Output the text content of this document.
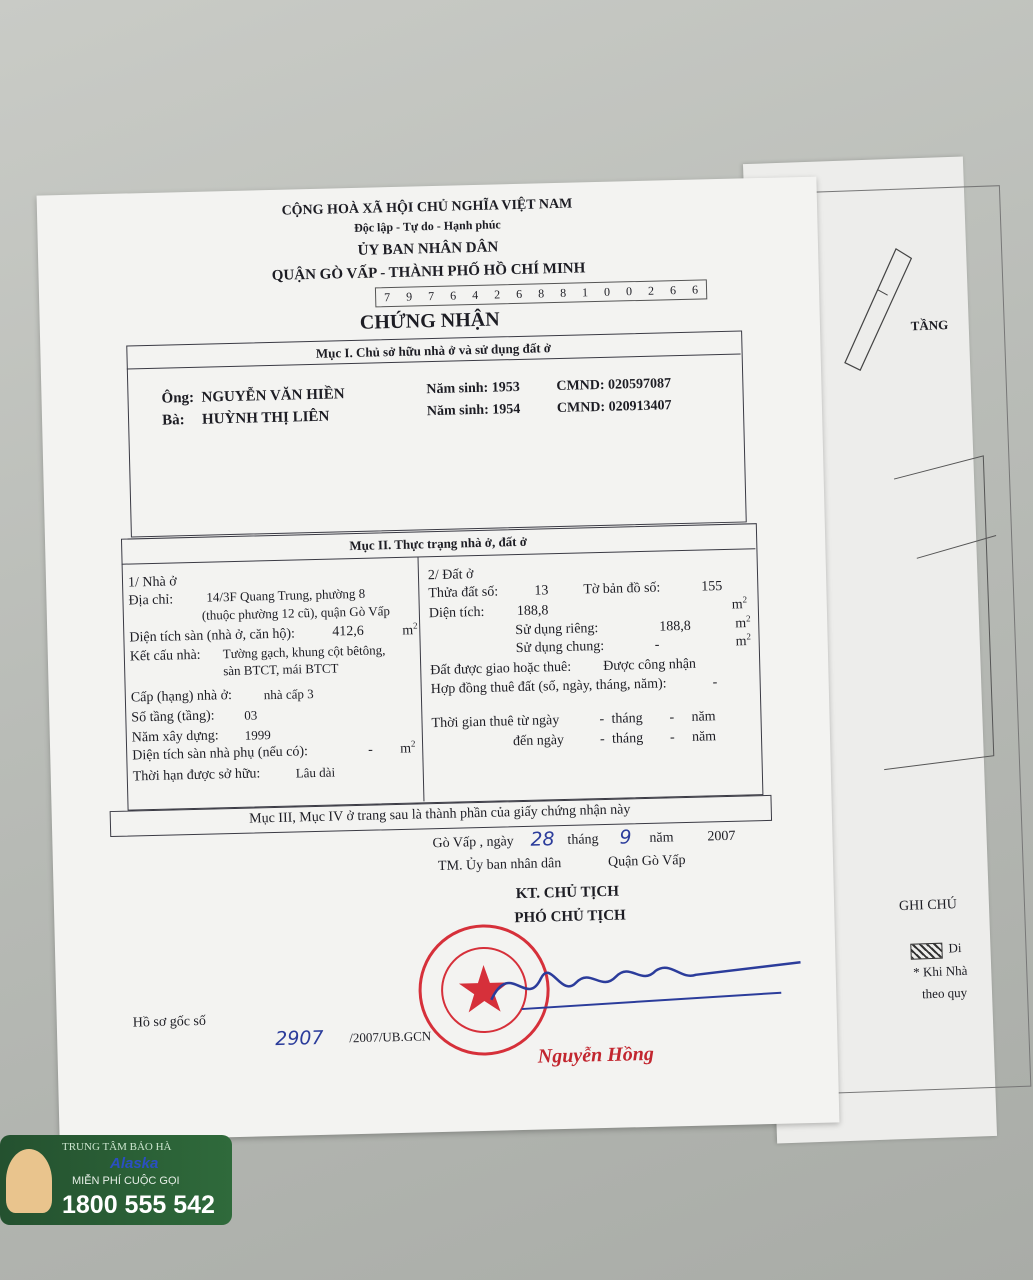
TẦNG
GHI CHÚ
Di
* Khi Nhà
theo quy
CỘNG HOÀ XÃ HỘI CHỦ NGHĨA VIỆT NAM
Độc lập - Tự do - Hạnh phúc
ỦY BAN NHÂN DÂN
QUẬN GÒ VẤP - THÀNH PHỐ HỒ CHÍ MINH
7	9	7	6	4	2	6	8	8	1	0	0	2	6	6
CHỨNG NHẬN
Mục I. Chủ sở hữu nhà ở và sử dụng đất ở
Ông: NGUYỄN VĂN HIỀN	Năm sinh: 1953	CMND: 020597087
Bà: HUỲNH THỊ LIÊN	Năm sinh: 1954	CMND: 020913407
Mục II. Thực trạng nhà ở, đất ở
1/ Nhà ở
Địa chỉ:	14/3F Quang Trung, phường 8
(thuộc phường 12 cũ), quận Gò Vấp
Diện tích sàn (nhà ở, căn hộ):	412,6	$m^2$
Kết cấu nhà: Tường gạch, khung cột bêtông,
sàn BTCT, mái BTCT
Cấp (hạng) nhà ở: nhà cấp 3
Số tầng (tầng): 03
Năm xây dựng: 1999
Diện tích sàn nhà phụ (nếu có):	- $m^2$
Thời hạn được sở hữu:	Lâu dài
2/ Đất ở
Thửa đất số:	13 Tờ bản đồ số:	155
Diện tích: 188,8	$m^2$
Sử dụng riêng:	188,8	$m^2$
Sử dụng chung:	-	$m^2$
Đất được giao hoặc thuê: Được công nhận
Hợp đồng thuê đất (số, ngày, tháng, năm):	-
Thời gian thuê từ ngày	- tháng - năm
đến ngày	- tháng - năm
Mục III, Mục IV ở trang sau là thành phần của giấy chứng nhận này
Gò Vấp , ngày 28 tháng 9 năm 2007
TM. Ủy ban nhân dân	Quận Gò Vấp
KT. CHỦ TỊCH
PHÓ CHỦ TỊCH
Nguyễn Hồng
Hồ sơ gốc số
2907 /2007/UB.GCN
TRUNG TÂM BẢO HÀ
Alaska
MIỄN PHÍ CUỘC GỌI
1800 555 542
